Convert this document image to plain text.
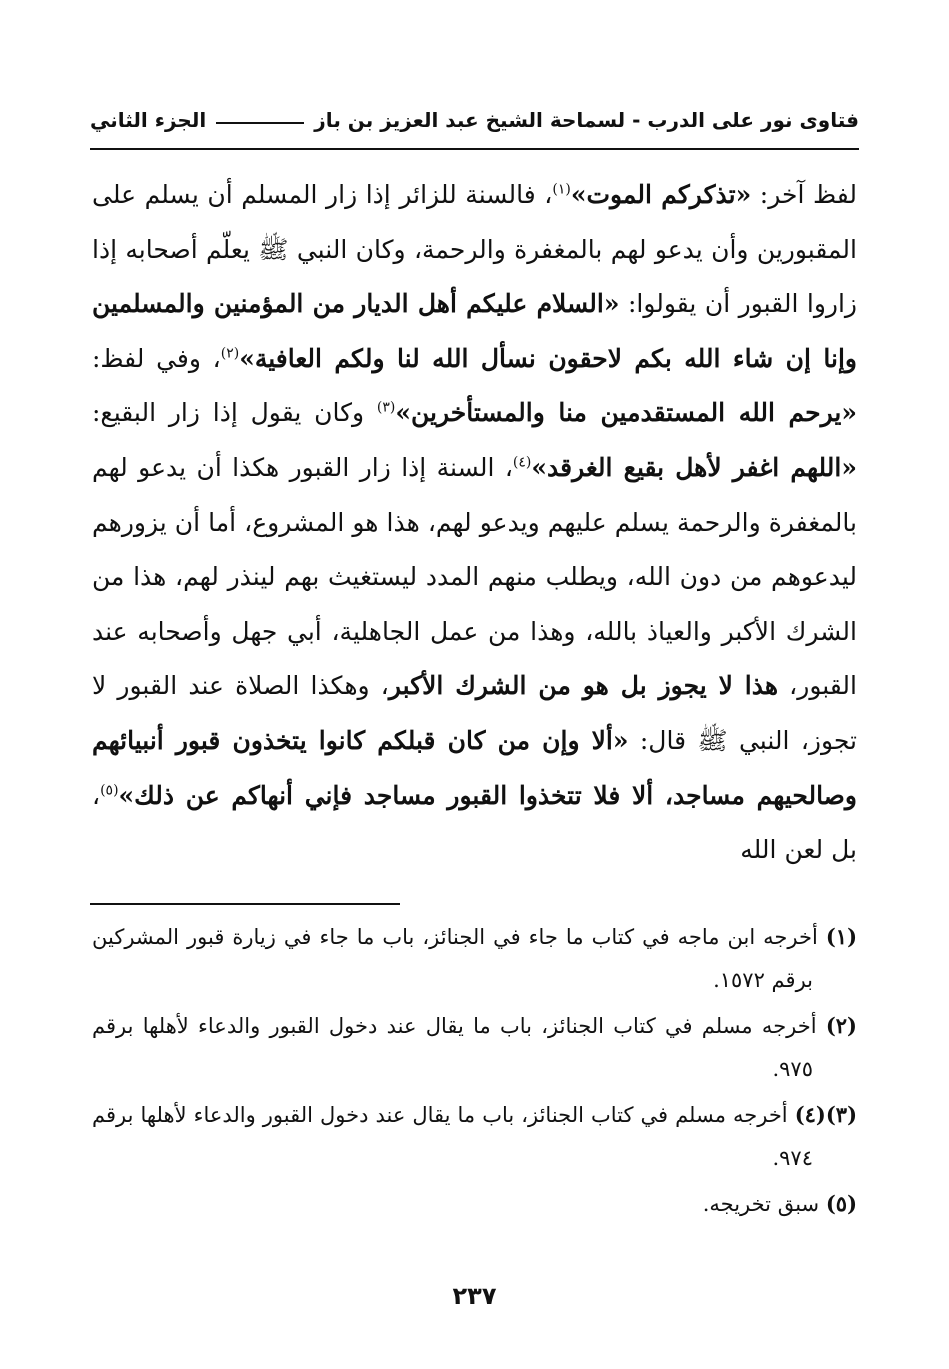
فتاوى نور على الدرب - لسماحة الشيخ عبد العزيز بن باز
الجزء الثاني

لفظ آخر: «تذكركم الموت»$^{(١)}$، فالسنة للزائر إذا زار المسلم أن يسلم على المقبورين وأن يدعو لهم بالمغفرة والرحمة، وكان النبي ﷺ يعلّم أصحابه إذا زاروا القبور أن يقولوا: «السلام عليكم أهل الديار من المؤمنين والمسلمين وإنا إن شاء الله بكم لاحقون نسأل الله لنا ولكم العافية»$^{(٢)}$، وفي لفظ: «يرحم الله المستقدمين منا والمستأخرين»$^{(٣)}$ وكان يقول إذا زار البقيع: «اللهم اغفر لأهل بقيع الغرقد»$^{(٤)}$، السنة إذا زار القبور هكذا أن يدعو لهم بالمغفرة والرحمة يسلم عليهم ويدعو لهم، هذا هو المشروع، أما أن يزورهم ليدعوهم من دون الله، ويطلب منهم المدد ليستغيث بهم لينذر لهم، هذا من الشرك الأكبر والعياذ بالله، وهذا من عمل الجاهلية، أبي جهل وأصحابه عند القبور، هذا لا يجوز بل هو من الشرك الأكبر، وهكذا الصلاة عند القبور لا تجوز، النبي ﷺ قال: «ألا وإن من كان قبلكم كانوا يتخذون قبور أنبيائهم وصالحيهم مساجد، ألا فلا تتخذوا القبور مساجد فإني أنهاكم عن ذلك»$^{(٥)}$، بل لعن الله

(١) أخرجه ابن ماجه في كتاب ما جاء في الجنائز، باب ما جاء في زيارة قبور المشركين برقم ١٥٧٢.

(٢) أخرجه مسلم في كتاب الجنائز، باب ما يقال عند دخول القبور والدعاء لأهلها برقم ٩٧٥.

(٣)(٤) أخرجه مسلم في كتاب الجنائز، باب ما يقال عند دخول القبور والدعاء لأهلها برقم ٩٧٤.

(٥) سبق تخريجه.

٢٣٧
